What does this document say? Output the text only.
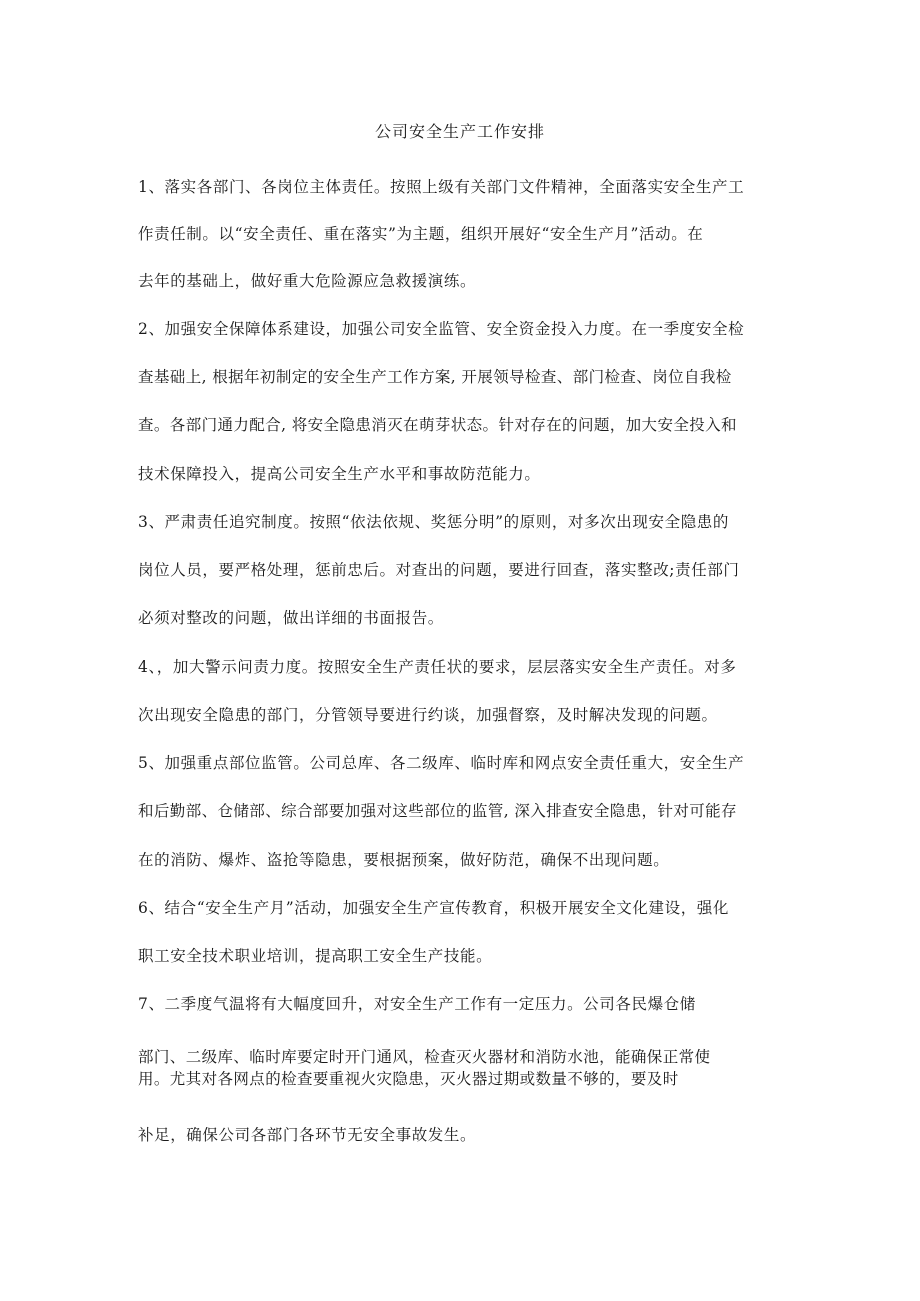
公司安全生产工作安排
1、落实各部门、各岗位主体责任。按照上级有关部门文件精神，全面落实安全生产工
作责任制。以“安全责任、重在落实”为主题，组织开展好“安全生产月”活动。在
去年的基础上，做好重大危险源应急救援演练。
2、加强安全保障体系建设，加强公司安全监管、安全资金投入力度。在一季度安全检
查基础上, 根据年初制定的安全生产工作方案, 开展领导检查、部门检查、岗位自我检
查。各部门通力配合, 将安全隐患消灭在萌芽状态。针对存在的问题，加大安全投入和
技术保障投入，提高公司安全生产水平和事故防范能力。
3、严肃责任追究制度。按照“依法依规、奖惩分明”的原则，对多次出现安全隐患的
岗位人员，要严格处理，惩前忠后。对查出的问题，要进行回查，落实整改;责任部门
必须对整改的问题，做出详细的书面报告。
4、，加大警示问责力度。按照安全生产责任状的要求，层层落实安全生产责任。对多
次出现安全隐患的部门，分管领导要进行约谈，加强督察，及时解决发现的问题。
5、加强重点部位监管。公司总库、各二级库、临时库和网点安全责任重大，安全生产
和后勤部、仓储部、综合部要加强对这些部位的监管, 深入排查安全隐患，针对可能存
在的消防、爆炸、盗抢等隐患，要根据预案，做好防范，确保不出现问题。
6、结合“安全生产月”活动，加强安全生产宣传教育，积极开展安全文化建设，强化
职工安全技术职业培训，提高职工安全生产技能。
7、二季度气温将有大幅度回升，对安全生产工作有一定压力。公司各民爆仓储
部门、二级库、临时库要定时开门通风，检查灭火器材和消防水池，能确保正常使
用。尤其对各网点的检查要重视火灾隐患，灭火器过期或数量不够的，要及时
补足，确保公司各部门各环节无安全事故发生。
